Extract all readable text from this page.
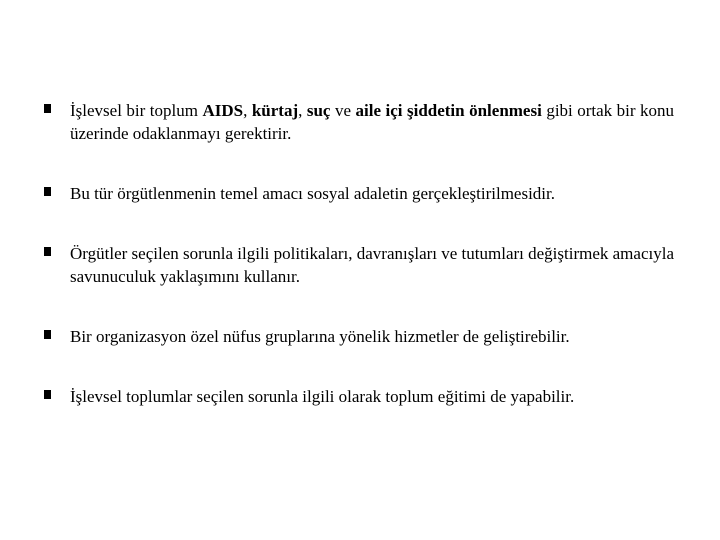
İşlevsel bir toplum AIDS, kürtaj, suç ve aile içi şiddetin önlenmesi gibi ortak bir konu üzerinde odaklanmayı gerektirir.
Bu tür örgütlenmenin temel amacı sosyal adaletin gerçekleştirilmesidir.
Örgütler seçilen sorunla ilgili politikaları, davranışları ve tutumları değiştirmek amacıyla savunuculuk yaklaşımını kullanır.
Bir organizasyon özel nüfus gruplarına yönelik hizmetler de geliştirebilir.
İşlevsel toplumlar seçilen sorunla ilgili olarak toplum eğitimi de yapabilir.
